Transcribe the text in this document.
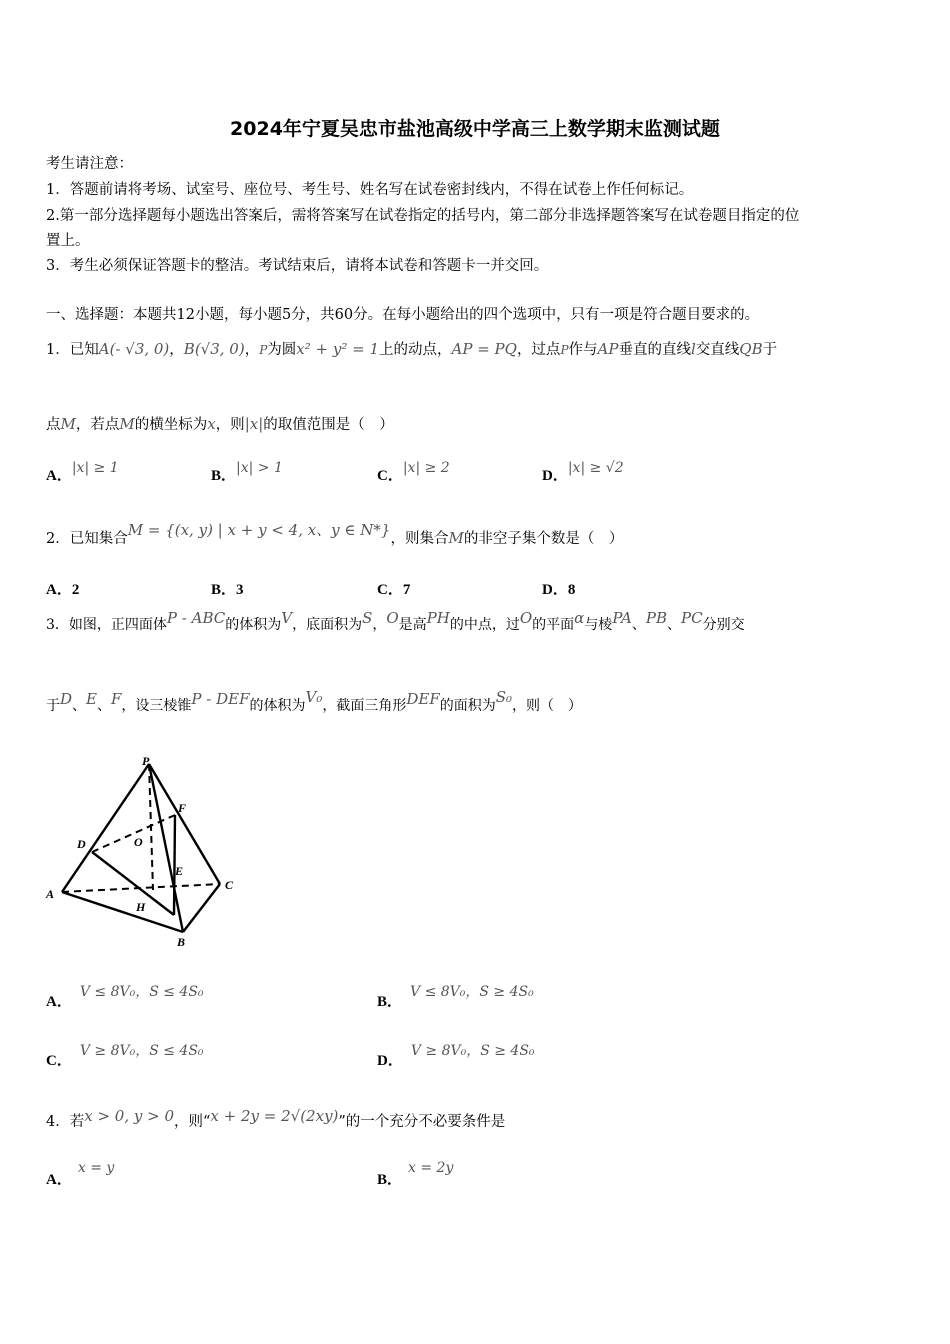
2024年宁夏吴忠市盐池高级中学高三上数学期末监测试题
考生请注意：
1．答题前请将考场、试室号、座位号、考生号、姓名写在试卷密封线内，不得在试卷上作任何标记。
2.第一部分选择题每小题选出答案后，需将答案写在试卷指定的括号内，第二部分非选择题答案写在试卷题目指定的位
置上。
3．考生必须保证答题卡的整洁。考试结束后，请将本试卷和答题卡一并交回。
一、选择题：本题共12小题，每小题5分，共60分。在每小题给出的四个选项中，只有一项是符合题目要求的。
1．已知A(- √3, 0)，B(√3, 0)，P为圆x² + y² = 1上的动点，AP = PQ，过点P作与AP垂直的直线l交直线QB于
点M，若点M的横坐标为x，则|x|的取值范围是（　）
A．|x| ≥ 1	B．|x| > 1	C．|x| ≥ 2	D．|x| ≥ √2
2．已知集合M = {(x, y) | x + y < 4, x、y ∈ N*}，则集合M的非空子集个数是（　）
A．2	B．3	C．7	D．8
3．如图，正四面体P - ABC的体积为V，底面积为S，O是高PH的中点，过O的平面α与棱PA、PB、PC分别交
于D、E、F，设三棱锥P - DEF的体积为V₀，截面三角形DEF的面积为S₀，则（　）
P
F
D	O
E
A
C
H
B
A．V ≤ 8V₀，S ≤ 4S₀
B．V ≤ 8V₀，S ≥ 4S₀
C．V ≥ 8V₀，S ≤ 4S₀
D．V ≥ 8V₀，S ≥ 4S₀
4．若x > 0, y > 0，则“x + 2y = 2√(2xy)”的一个充分不必要条件是
A．x = y
B．x = 2y
